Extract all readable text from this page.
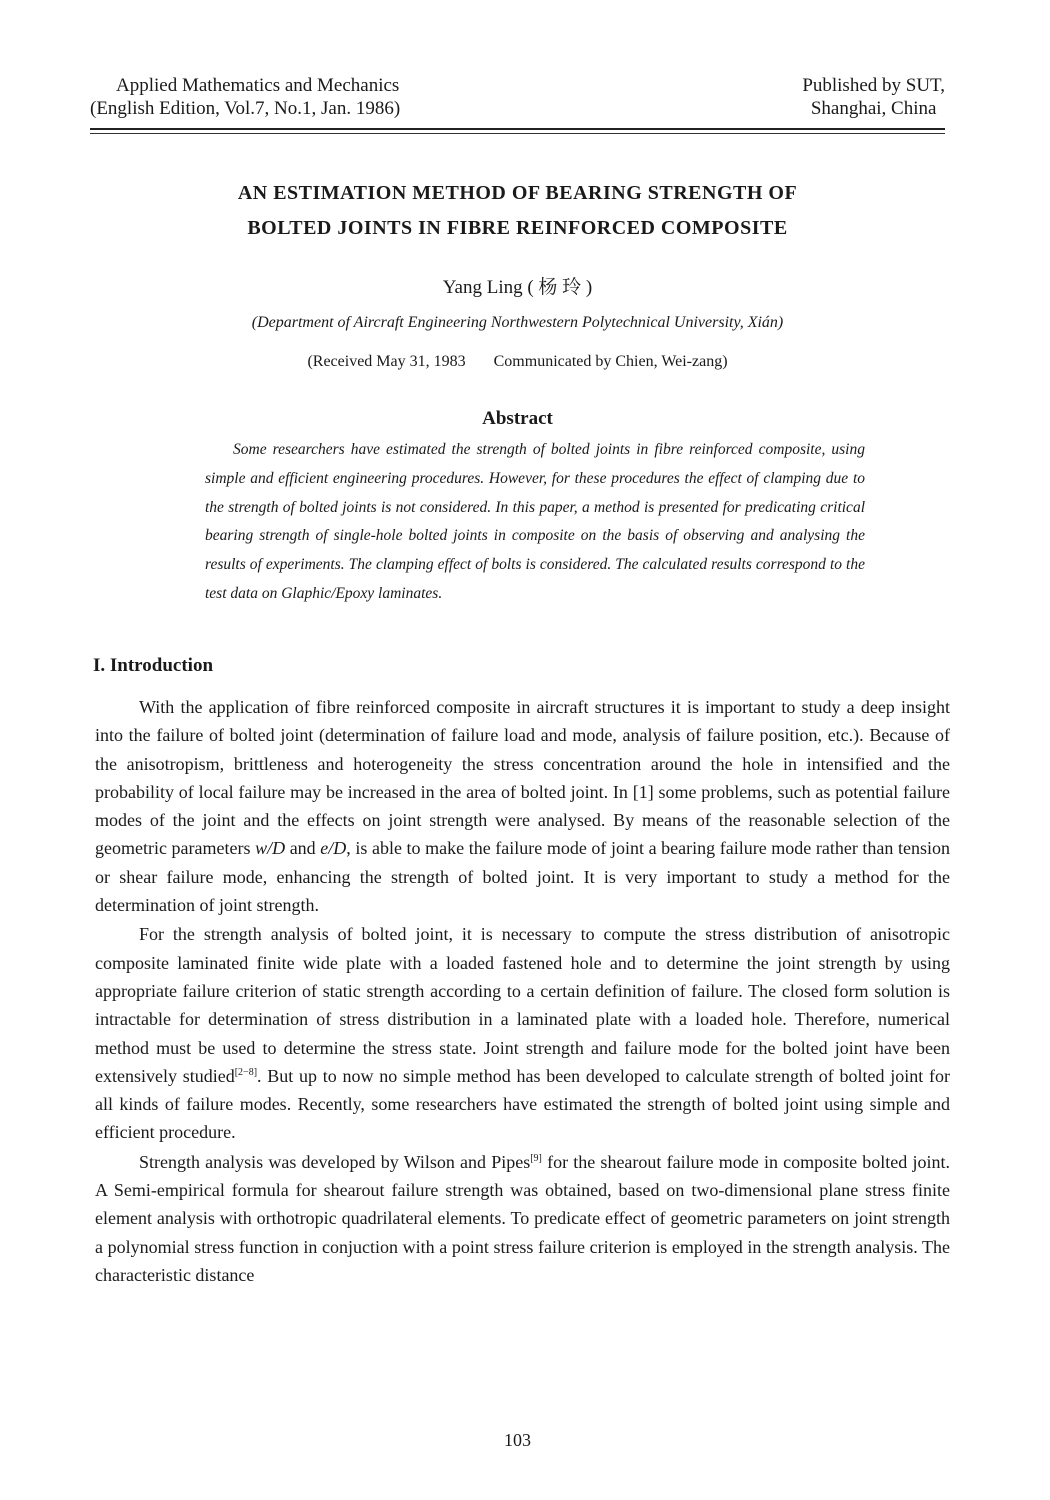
Applied Mathematics and Mechanics
(English Edition, Vol.7, No.1, Jan. 1986)
Published by SUT,
Shanghai, China
AN ESTIMATION METHOD OF BEARING STRENGTH OF
BOLTED JOINTS IN FIBRE REINFORCED COMPOSITE
Yang Ling ( 杨 玲 )
(Department of Aircraft Engineering Northwestern Polytechnical University, Xián)
(Received May 31, 1983 Communicated by Chien, Wei-zang)
Abstract
Some researchers have estimated the strength of bolted joints in fibre reinforced composite, using simple and efficient engineering procedures. However, for these procedures the effect of clamping due to the strength of bolted joints is not considered. In this paper, a method is presented for predicating critical bearing strength of single-hole bolted joints in composite on the basis of observing and analysing the results of experiments. The clamping effect of bolts is considered. The calculated results correspond to the test data on Glaphic/Epoxy laminates.
I. Introduction

With the application of fibre reinforced composite in aircraft structures it is important to study a deep insight into the failure of bolted joint (determination of failure load and mode, analysis of failure position, etc.). Because of the anisotropism, brittleness and hoterogeneity the stress concentration around the hole in intensified and the probability of local failure may be increased in the area of bolted joint. In [1] some problems, such as potential failure modes of the joint and the effects on joint strength were analysed. By means of the reasonable selection of the geometric parameters w/D and e/D, is able to make the failure mode of joint a bearing failure mode rather than tension or shear failure mode, enhancing the strength of bolted joint. It is very important to study a method for the determination of joint strength.

For the strength analysis of bolted joint, it is necessary to compute the stress distribution of anisotropic composite laminated finite wide plate with a loaded fastened hole and to determine the joint strength by using appropriate failure criterion of static strength according to a certain definition of failure. The closed form solution is intractable for determination of stress distribution in a laminated plate with a loaded hole. Therefore, numerical method must be used to determine the stress state. Joint strength and failure mode for the bolted joint have been extensively studied[2−8]. But up to now no simple method has been developed to calculate strength of bolted joint for all kinds of failure modes. Recently, some researchers have estimated the strength of bolted joint using simple and efficient procedure.

Strength analysis was developed by Wilson and Pipes[9] for the shearout failure mode in composite bolted joint. A Semi-empirical formula for shearout failure strength was obtained, based on two-dimensional plane stress finite element analysis with orthotropic quadrilateral elements. To predicate effect of geometric parameters on joint strength a polynomial stress function in conjuction with a point stress failure criterion is employed in the strength analysis. The characteristic distance

103
